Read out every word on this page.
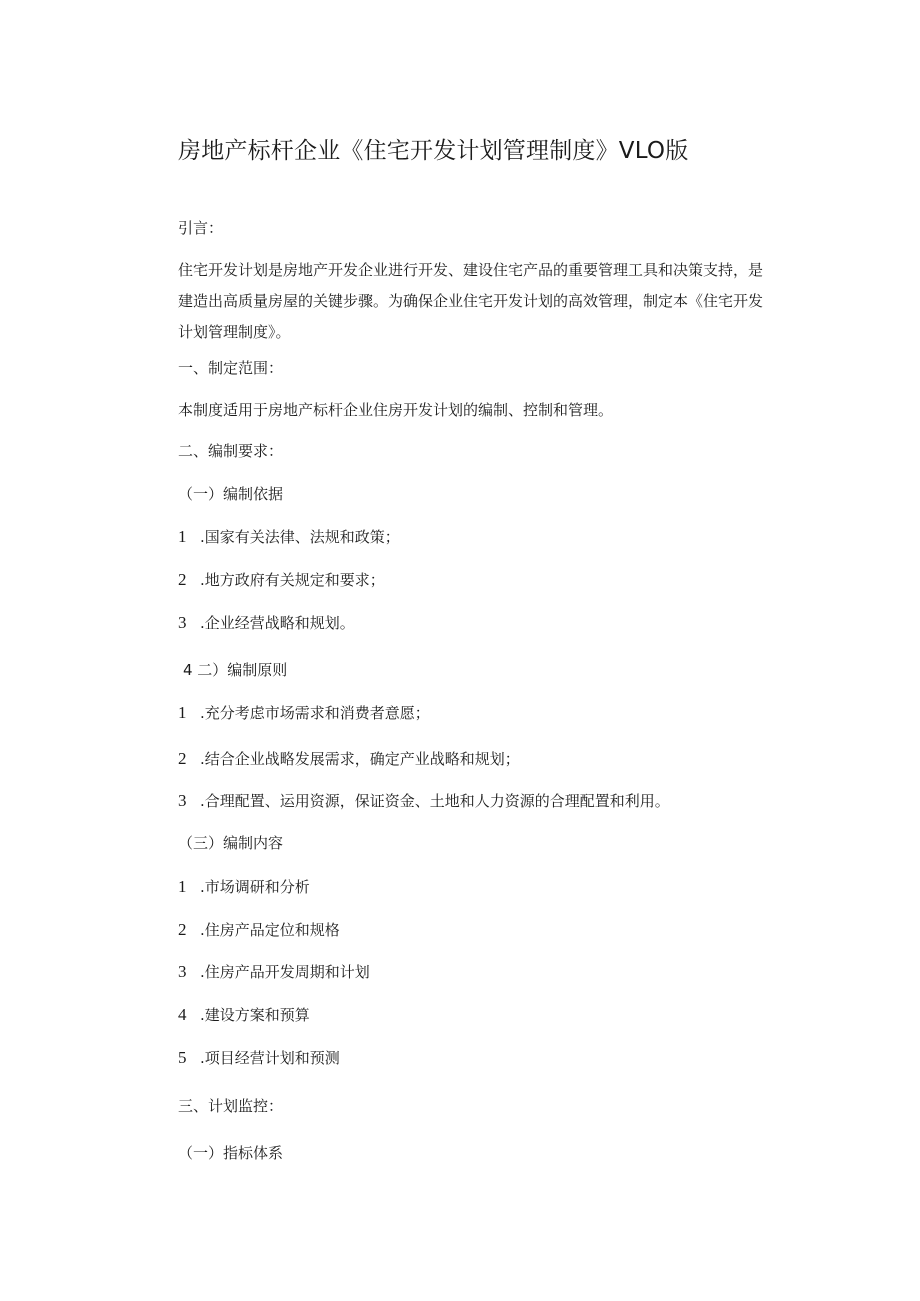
房地产标杆企业《住宅开发计划管理制度》VLO版
引言：
住宅开发计划是房地产开发企业进行开发、建设住宅产品的重要管理工具和决策支持，是建造出高质量房屋的关键步骤。为确保企业住宅开发计划的高效管理，制定本《住宅开发计划管理制度》。
一、制定范围：
本制度适用于房地产标杆企业住房开发计划的编制、控制和管理。
二、编制要求：
（一）编制依据
1 .国家有关法律、法规和政策；
2 .地方政府有关规定和要求；
3 .企业经营战略和规划。
4 二）编制原则
1 .充分考虑市场需求和消费者意愿；
2 .结合企业战略发展需求，确定产业战略和规划；
3 .合理配置、运用资源，保证资金、土地和人力资源的合理配置和利用。
（三）编制内容
1 .市场调研和分析
2 .住房产品定位和规格
3 .住房产品开发周期和计划
4 .建设方案和预算
5 .项目经营计划和预测
三、计划监控：
（一）指标体系
